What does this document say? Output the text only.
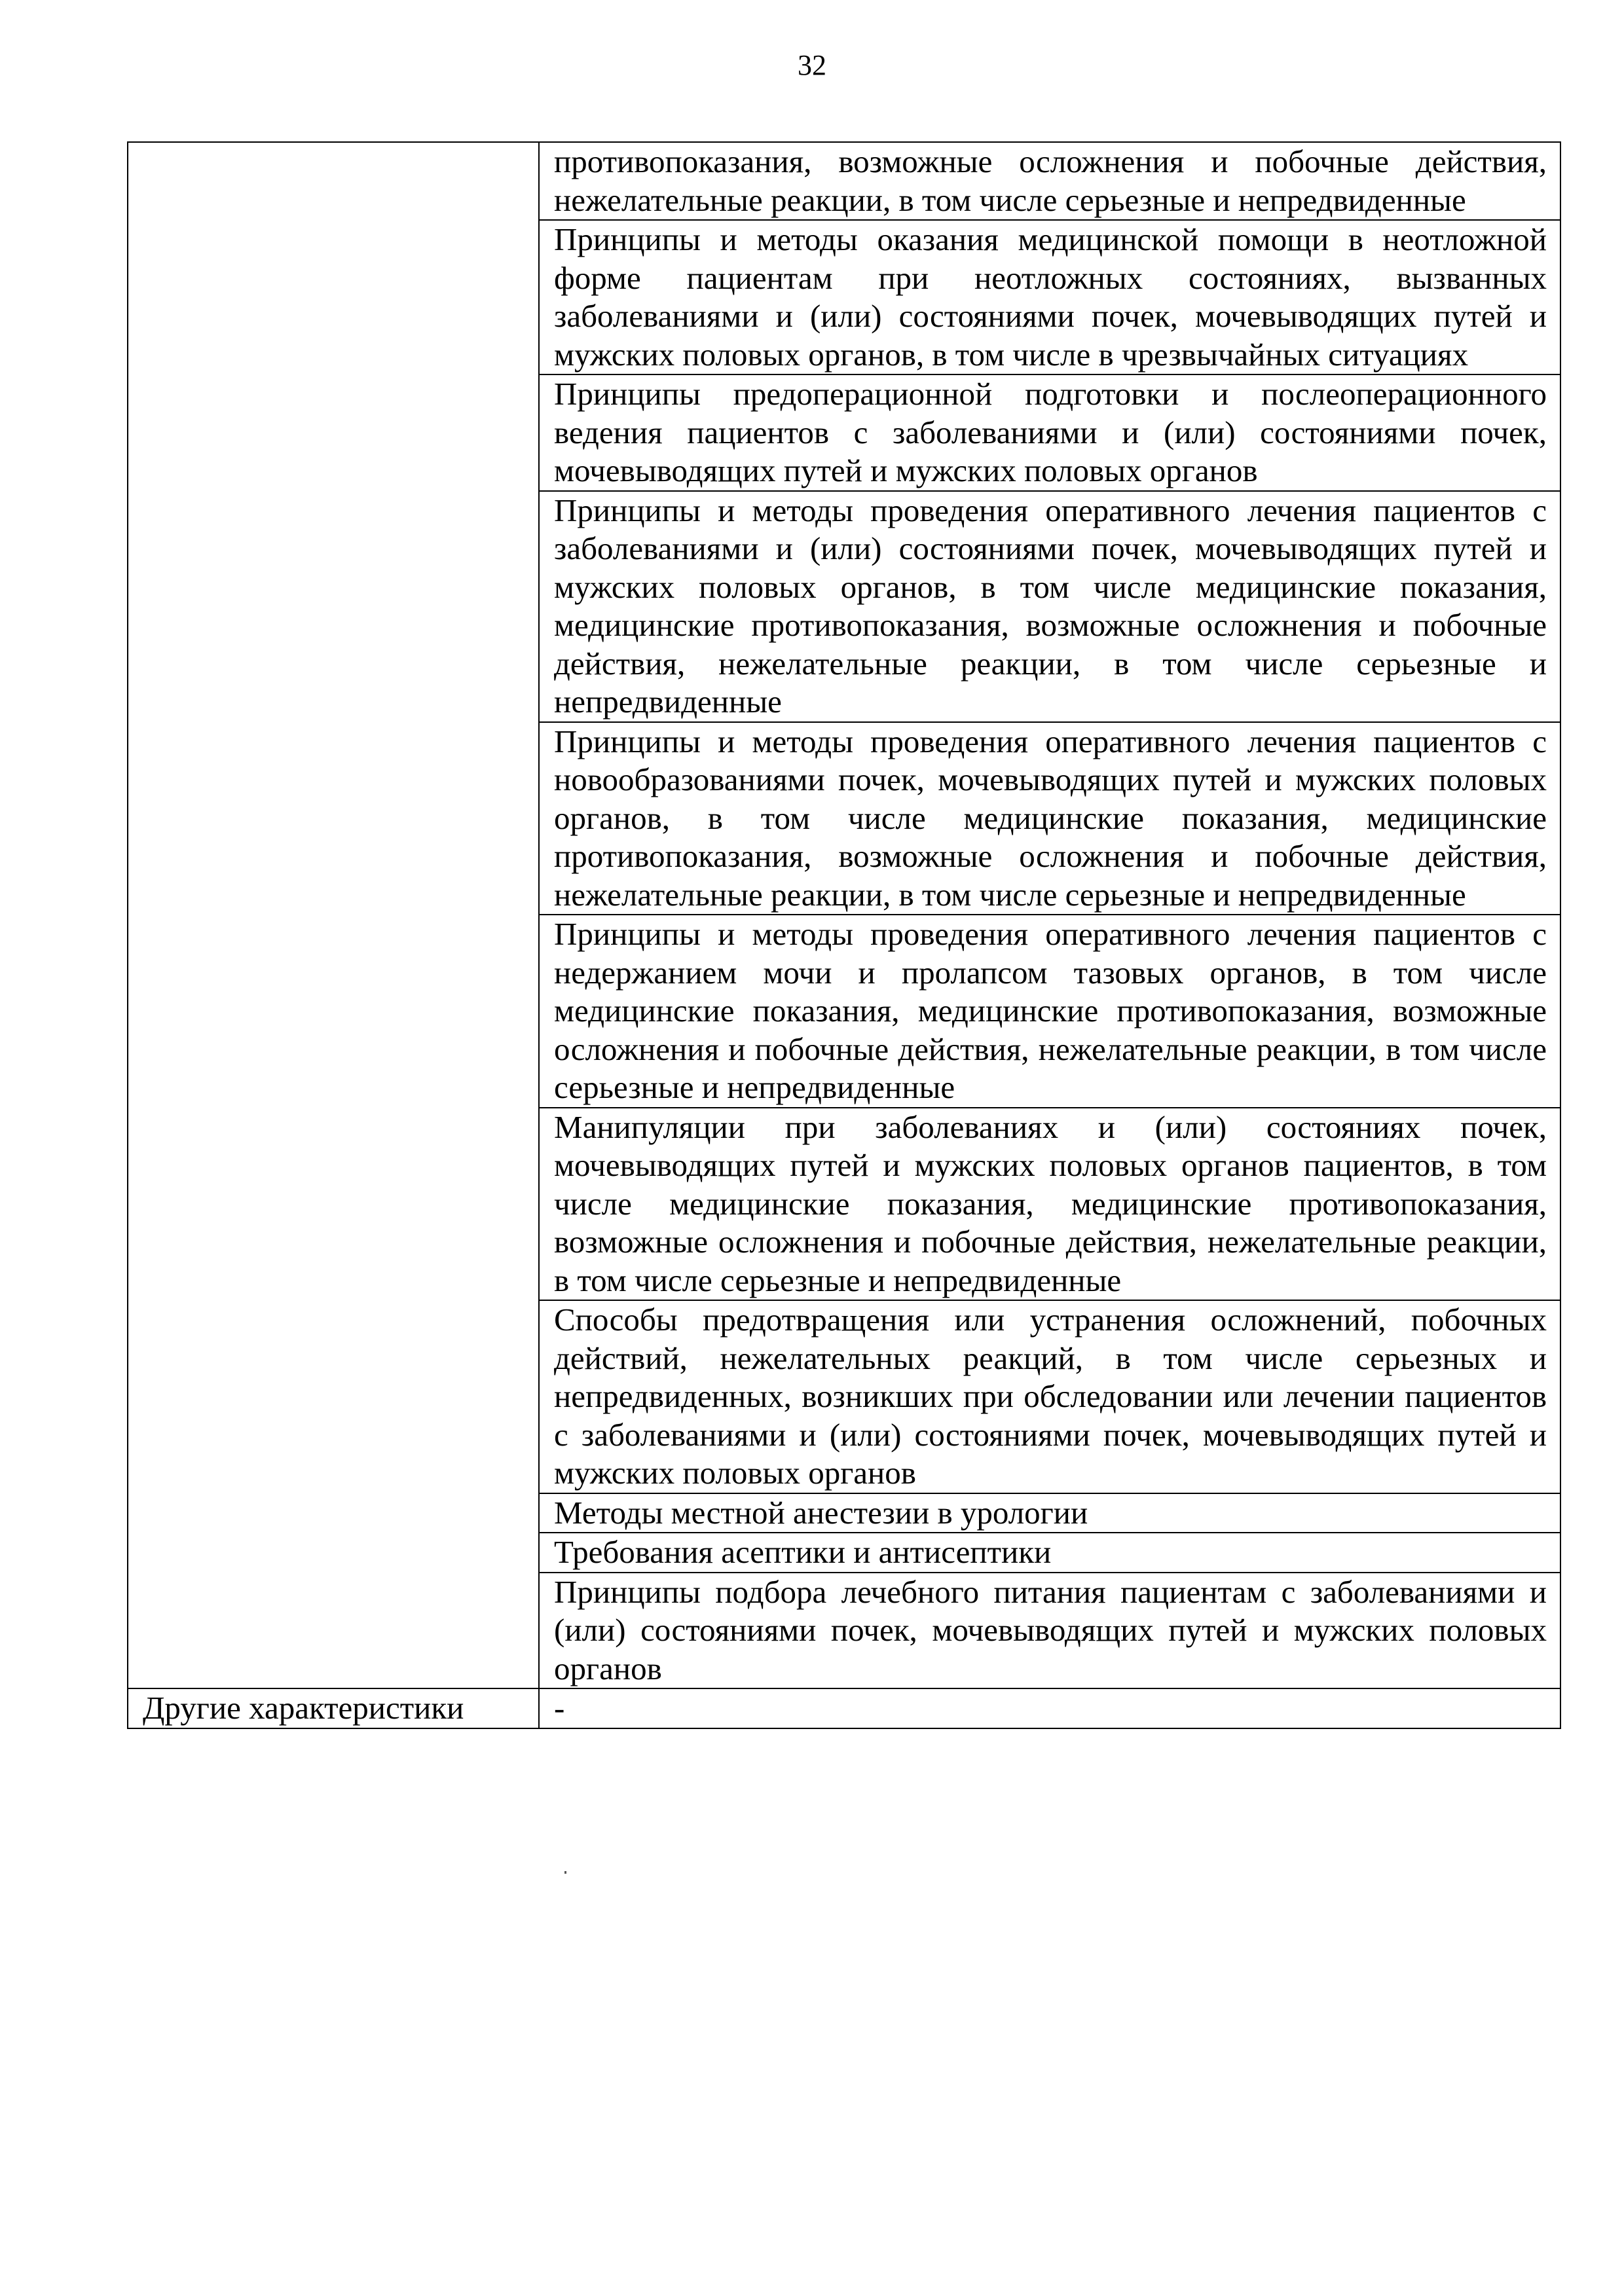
32
	противопоказания, возможные осложнения и побочные действия, нежелательные реакции, в том числе серьезные и непредвиденные
	Принципы и методы оказания медицинской помощи в неотложной форме пациентам при неотложных состояниях, вызванных заболеваниями и (или) состояниями почек, мочевыводящих путей и мужских половых органов, в том числе в чрезвычайных ситуациях
	Принципы предоперационной подготовки и послеоперационного ведения пациентов с заболеваниями и (или) состояниями почек, мочевыводящих путей и мужских половых органов
	Принципы и методы проведения оперативного лечения пациентов с заболеваниями и (или) состояниями почек, мочевыводящих путей и мужских половых органов, в том числе медицинские показания, медицинские противопоказания, возможные осложнения и побочные действия, нежелательные реакции, в том числе серьезные и непредвиденные
	Принципы и методы проведения оперативного лечения пациентов с новообразованиями почек, мочевыводящих путей и мужских половых органов, в том числе медицинские показания, медицинские противопоказания, возможные осложнения и побочные действия, нежелательные реакции, в том числе серьезные и непредвиденные
	Принципы и методы проведения оперативного лечения пациентов с недержанием мочи и пролапсом тазовых органов, в том числе медицинские показания, медицинские противопоказания, возможные осложнения и побочные действия, нежелательные реакции, в том числе серьезные и непредвиденные
	Манипуляции при заболеваниях и (или) состояниях почек, мочевыводящих путей и мужских половых органов пациентов, в том числе медицинские показания, медицинские противопоказания, возможные осложнения и побочные действия, нежелательные реакции, в том числе серьезные и непредвиденные
	Способы предотвращения или устранения осложнений, побочных действий, нежелательных реакций, в том числе серьезных и непредвиденных, возникших при обследовании или лечении пациентов с заболеваниями и (или) состояниями почек, мочевыводящих путей и мужских половых органов
	Методы местной анестезии в урологии
	Требования асептики и антисептики
	Принципы подбора лечебного питания пациентам с заболеваниями и (или) состояниями почек, мочевыводящих путей и мужских половых органов
Другие характеристики	-
